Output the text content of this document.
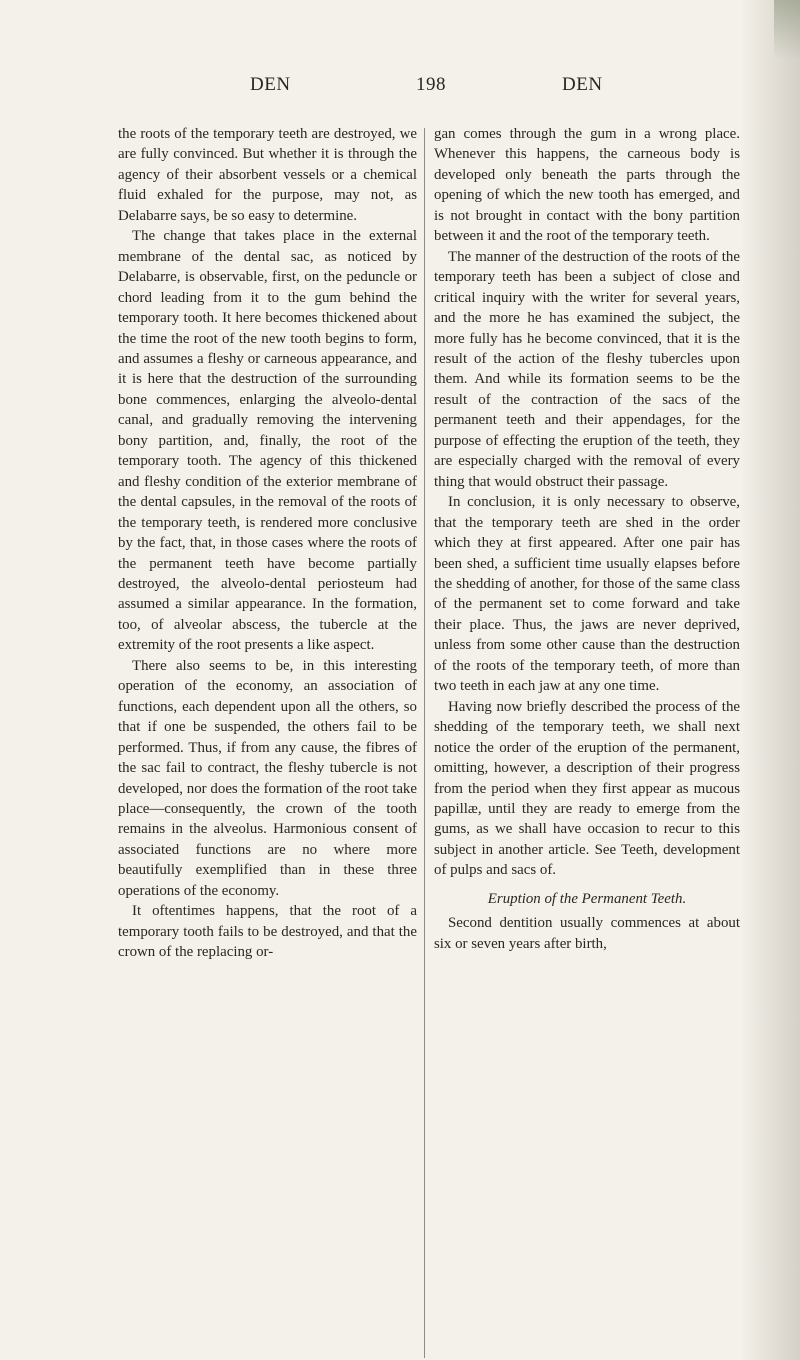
DEN	198	DEN

the roots of the temporary teeth are destroyed, we are fully convinced. But whether it is through the agency of their absorbent vessels or a chemical fluid exhaled for the purpose, may not, as Delabarre says, be so easy to determine.

The change that takes place in the external membrane of the dental sac, as noticed by Delabarre, is observable, first, on the peduncle or chord leading from it to the gum behind the temporary tooth. It here becomes thickened about the time the root of the new tooth begins to form, and assumes a fleshy or carneous appearance, and it is here that the destruction of the surrounding bone commences, enlarging the alveolo-dental canal, and gradually removing the intervening bony partition, and, finally, the root of the temporary tooth. The agency of this thickened and fleshy condition of the exterior membrane of the dental capsules, in the removal of the roots of the temporary teeth, is rendered more conclusive by the fact, that, in those cases where the roots of the permanent teeth have become partially destroyed, the alveolo-dental periosteum had assumed a similar appearance. In the formation, too, of alveolar abscess, the tubercle at the extremity of the root presents a like aspect.

There also seems to be, in this interesting operation of the economy, an association of functions, each dependent upon all the others, so that if one be suspended, the others fail to be performed. Thus, if from any cause, the fibres of the sac fail to contract, the fleshy tubercle is not developed, nor does the formation of the root take place—consequently, the crown of the tooth remains in the alveolus. Harmonious consent of associated functions are no where more beautifully exemplified than in these three operations of the economy.

It oftentimes happens, that the root of a temporary tooth fails to be destroyed, and that the crown of the replacing or-

gan comes through the gum in a wrong place. Whenever this happens, the carneous body is developed only beneath the parts through the opening of which the new tooth has emerged, and is not brought in contact with the bony partition between it and the root of the temporary teeth.

The manner of the destruction of the roots of the temporary teeth has been a subject of close and critical inquiry with the writer for several years, and the more he has examined the subject, the more fully has he become convinced, that it is the result of the action of the fleshy tubercles upon them. And while its formation seems to be the result of the contraction of the sacs of the permanent teeth and their appendages, for the purpose of effecting the eruption of the teeth, they are especially charged with the removal of every thing that would obstruct their passage.

In conclusion, it is only necessary to observe, that the temporary teeth are shed in the order which they at first appeared. After one pair has been shed, a sufficient time usually elapses before the shedding of another, for those of the same class of the permanent set to come forward and take their place. Thus, the jaws are never deprived, unless from some other cause than the destruction of the roots of the temporary teeth, of more than two teeth in each jaw at any one time.

Having now briefly described the process of the shedding of the temporary teeth, we shall next notice the order of the eruption of the permanent, omitting, however, a description of their progress from the period when they first appear as mucous papillæ, until they are ready to emerge from the gums, as we shall have occasion to recur to this subject in another article. See Teeth, development of pulps and sacs of.

Eruption of the Permanent Teeth.

Second dentition usually commences at about six or seven years after birth,
